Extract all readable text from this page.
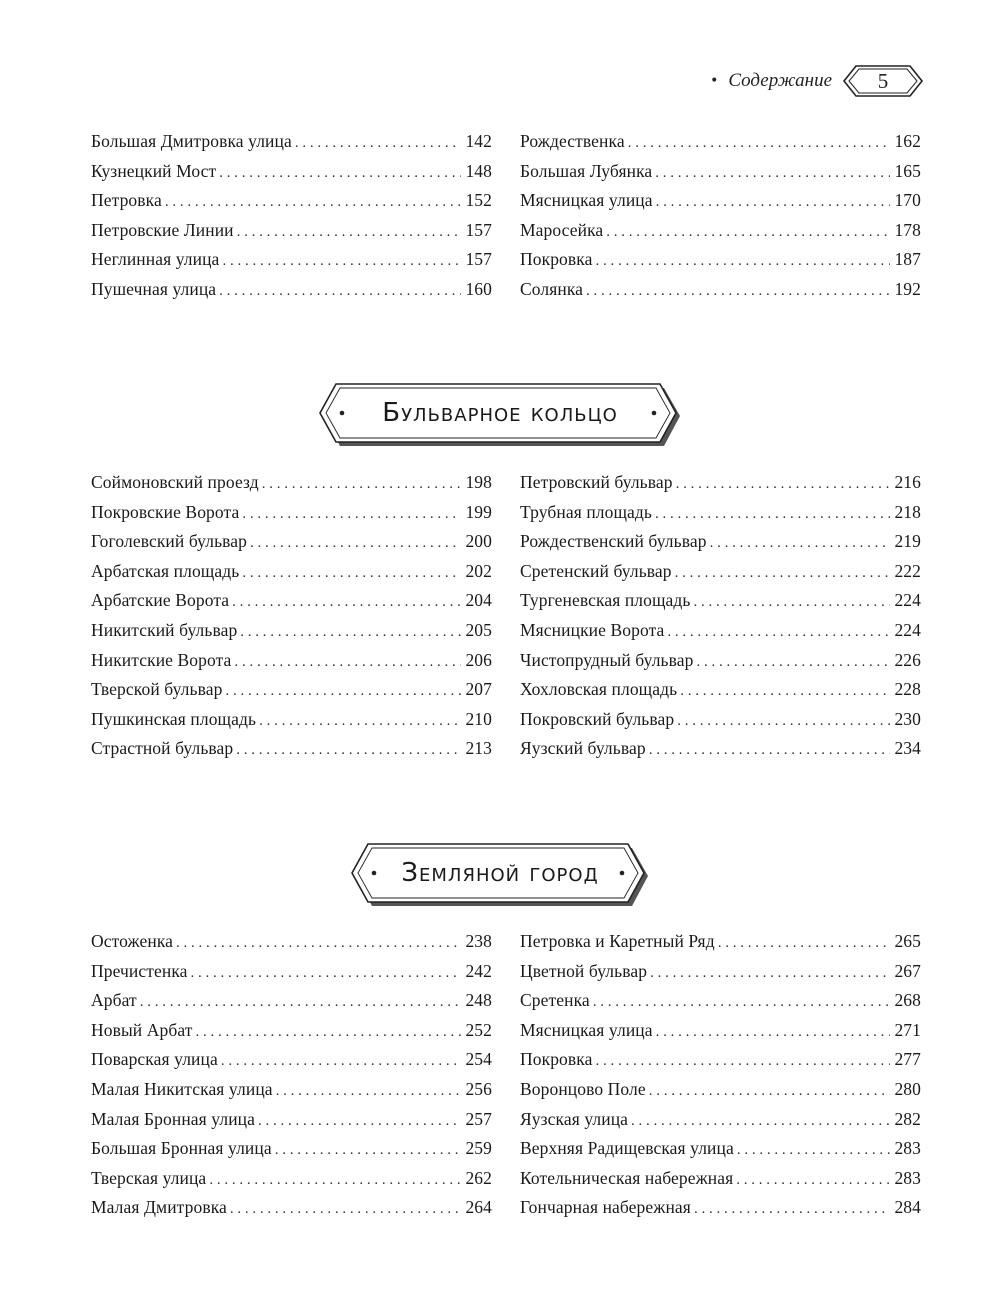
• Содержание	5
Большая Дмитровка улица . . .	142
Кузнецкий Мост . . .	148
Петровка . . .	152
Петровские Линии . . .	157
Неглинная улица . . .	157
Пушечная улица . . .	160
Рождественка . . .	162
Большая Лубянка . . .	165
Мясницкая улица . . .	170
Маросейка . . .	178
Покровка . . .	187
Солянка . . .	192
Бульварное кольцо
Соймоновский проезд . . .	198
Покровские Ворота . . .	199
Гоголевский бульвар . . .	200
Арбатская площадь . . .	202
Арбатские Ворота . . .	204
Никитский бульвар . . .	205
Никитские Ворота . . .	206
Тверской бульвар . . .	207
Пушкинская площадь . . .	210
Страстной бульвар . . .	213
Петровский бульвар . . .	216
Трубная площадь . . .	218
Рождественский бульвар . . .	219
Сретенский бульвар . . .	222
Тургеневская площадь . . .	224
Мясницкие Ворота . . .	224
Чистопрудный бульвар . . .	226
Хохловская площадь . . .	228
Покровский бульвар . . .	230
Яузский бульвар . . .	234
Земляной город
Остоженка . . .	238
Пречистенка . . .	242
Арбат . . .	248
Новый Арбат . . .	252
Поварская улица . . .	254
Малая Никитская улица . . .	256
Малая Бронная улица . . .	257
Большая Бронная улица . . .	259
Тверская улица . . .	262
Малая Дмитровка . . .	264
Петровка и Каретный Ряд . . .	265
Цветной бульвар . . .	267
Сретенка . . .	268
Мясницкая улица . . .	271
Покровка . . .	277
Воронцово Поле . . .	280
Яузская улица . . .	282
Верхняя Радищевская улица . . .	283
Котельническая набережная . . .	283
Гончарная набережная . . .	284
